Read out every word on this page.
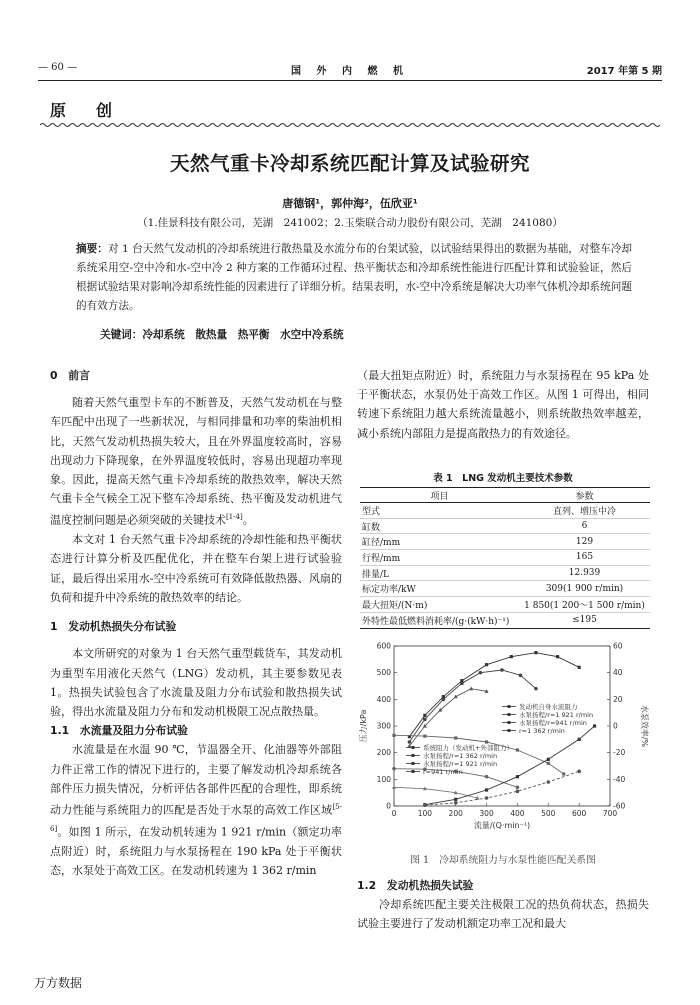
— 60 —	国 外 内 燃 机	2017 年第 5 期
原创
天然气重卡冷却系统匹配计算及试验研究
唐德钢¹，郭仲海²，伍欣亚¹
（1.佳景科技有限公司，芜湖　241002；2.玉柴联合动力股份有限公司，芜湖　241080）
摘要：对 1 台天然气发动机的冷却系统进行散热量及水流分布的台架试验，以试验结果得出的数据为基础，对整车冷却系统采用空-空中冷和水-空中冷 2 种方案的工作循环过程、热平衡状态和冷却系统性能进行匹配计算和试验验证，然后根据试验结果对影响冷却系统性能的因素进行了详细分析。结果表明，水-空中冷系统是解决大功率气体机冷却系统问题的有效方法。
关键词：冷却系统　散热量　热平衡　水空中冷系统
0　前言
随着天然气重型卡车的不断普及，天然气发动机在与整车匹配中出现了一些新状况，与相同排量和功率的柴油机相比，天然气发动机热损失较大，且在外界温度较高时，容易出现动力下降现象，在外界温度较低时，容易出现超功率现象。因此，提高天然气重卡冷却系统的散热效率，解决天然气重卡全气候全工况下整车冷却系统、热平衡及发动机进气温度控制问题是必须突破的关键技术[1-4]。
本文对 1 台天然气重卡冷却系统的冷却性能和热平衡状态进行计算分析及匹配优化，并在整车台架上进行试验验证，最后得出采用水-空中冷系统可有效降低散热器、风扇的负荷和提升中冷系统的散热效率的结论。
1　发动机热损失分布试验
本文所研究的对象为 1 台天然气重型载货车，其发动机为重型车用液化天然气（LNG）发动机，其主要参数见表 1。热损失试验包含了水流量及阻力分布试验和散热损失试验，得出水流量及阻力分布和发动机极限工况点散热量。
1.1　水流量及阻力分布试验
水流量是在水温 90 ℃，节温器全开、化油器等外部阻力件正常工作的情况下进行的，主要了解发动机冷却系统各部件压力损失情况，分析评估各部件匹配的合理性，即系统动力性能与系统阻力的匹配是否处于水泵的高效工作区域[5-6]。如图 1 所示，在发动机转速为 1 921 r/min（额定功率点附近）时，系统阻力与水泵扬程在 190 kPa 处于平衡状态，水泵处于高效工区。在发动机转速为 1 362 r/min
（最大扭矩点附近）时，系统阻力与水泵扬程在 95 kPa 处于平衡状态，水泵仍处于高效工作区。从图 1 可得出，相同转速下系统阻力越大系统流量越小，则系统散热效率越差，减小系统内部阻力是提高散热力的有效途径。
表 1　LNG 发动机主要技术参数
项目	参数
型式	直列、增压中冷
缸数	6
缸径/mm	129
行程/mm	165
排量/L	12.939
标定功率/kW	309(1 900 r/min)
最大扭矩/(N·m)	1 850(1 200～1 500 r/min)
外特性最低燃料消耗率/(g·(kW·h)⁻¹)	≤195
0	100 200 300 400 500 600 700
0
100
200
300
400
500
600
-60
-40
-20
0
20
40
60
流量/(Q·min⁻¹)
压力/kPa	水泵效率/%
发动机自身水流阻力
水泵扬程/r=1 921 r/min
水泵扬程/r=941 r/min
r=1 362 r/min
系统阻力（发动机+外部阻力）
水泵扬程/r=1 362 r/min
水泵扬程/r=1 921 r/min
r=941 r/min
图 1　冷却系统阻力与水泵性能匹配关系图
1.2　发动机热损失试验
冷却系统匹配主要关注极限工况的热负荷状态，热损失试验主要进行了发动机额定功率工况和最大
万方数据
